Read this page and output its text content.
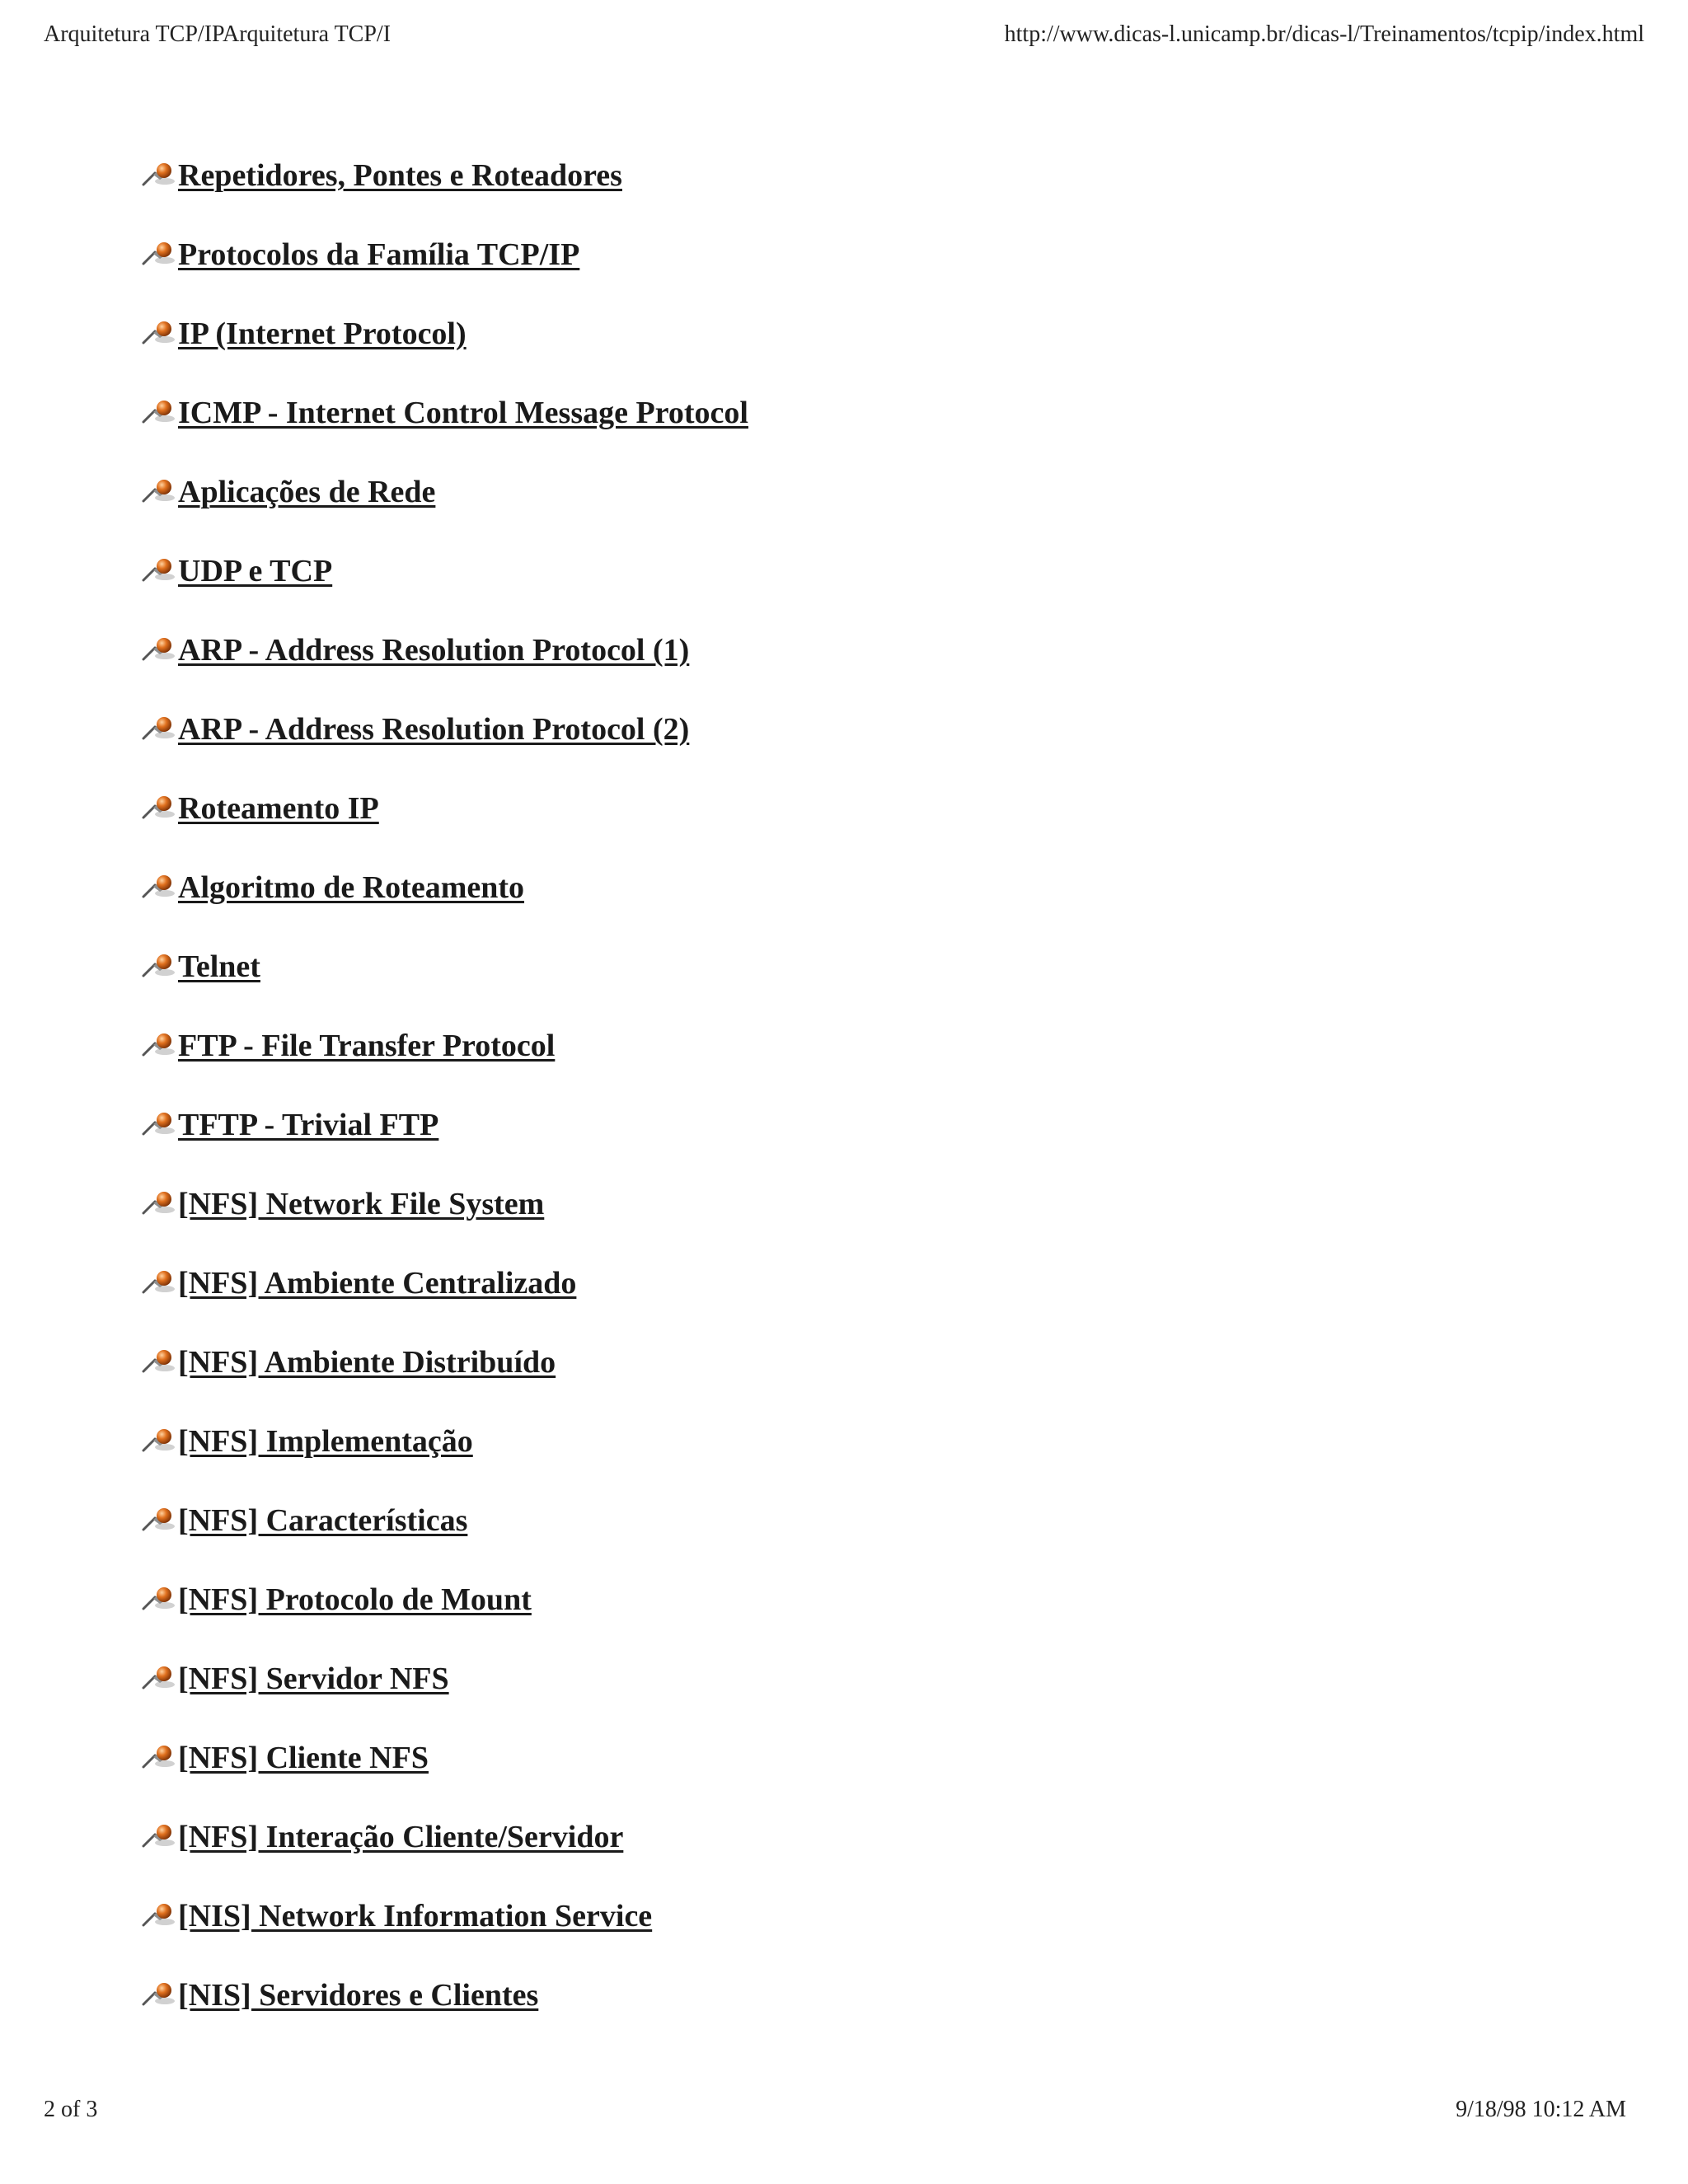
Arquitetura TCP/IPArquitetura TCP/I	http://www.dicas-l.unicamp.br/dicas-l/Treinamentos/tcpip/index.html
Repetidores, Pontes e Roteadores
Protocolos da Família TCP/IP
IP (Internet Protocol)
ICMP - Internet Control Message Protocol
Aplicações de Rede
UDP e TCP
ARP - Address Resolution Protocol (1)
ARP - Address Resolution Protocol (2)
Roteamento IP
Algoritmo de Roteamento
Telnet
FTP - File Transfer Protocol
TFTP - Trivial FTP
[NFS] Network File System
[NFS] Ambiente Centralizado
[NFS] Ambiente Distribuído
[NFS] Implementação
[NFS] Características
[NFS] Protocolo de Mount
[NFS] Servidor NFS
[NFS] Cliente NFS
[NFS] Interação Cliente/Servidor
[NIS] Network Information Service
[NIS] Servidores e Clientes
2 of 3	9/18/98 10:12 AM
